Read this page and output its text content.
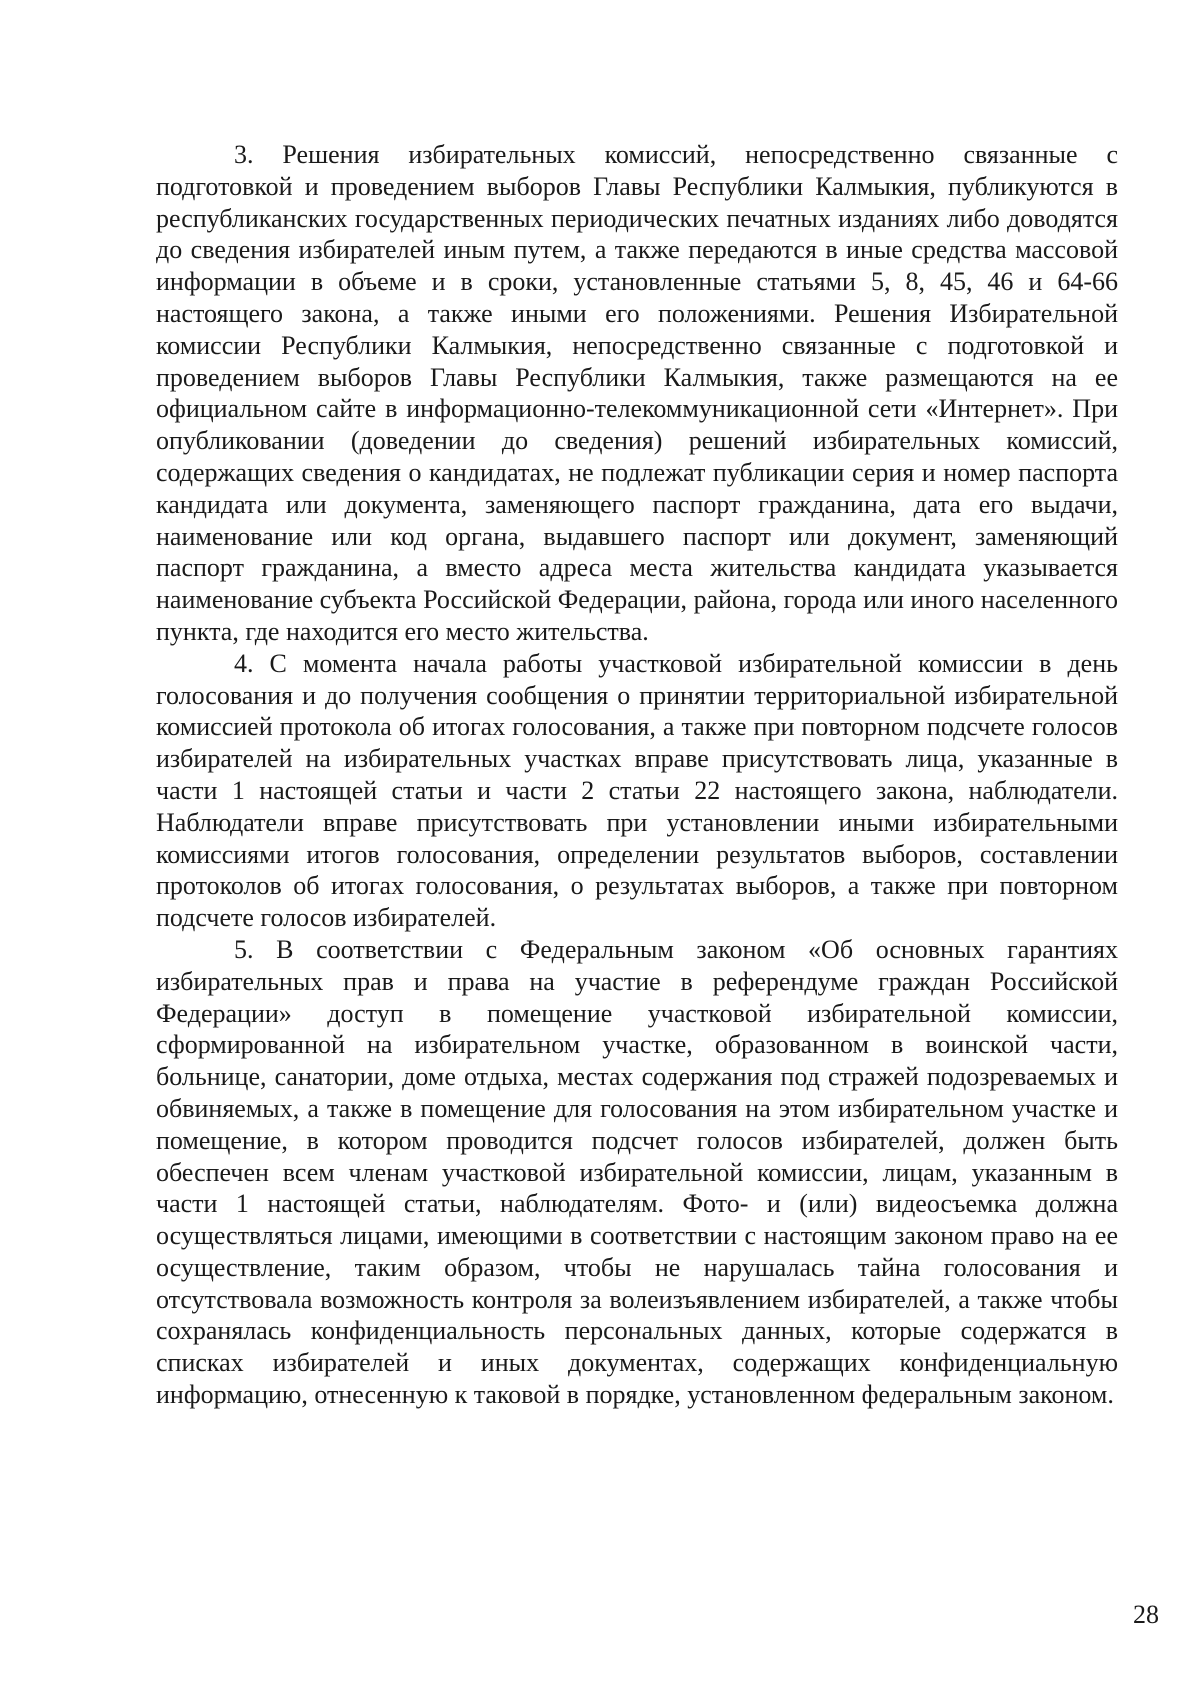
3. Решения избирательных комиссий, непосредственно связанные с подготовкой и проведением выборов Главы Республики Калмыкия, публикуются в республиканских государственных периодических печатных изданиях либо доводятся до сведения избирателей иным путем, а также передаются в иные средства массовой информации в объеме и в сроки, установленные статьями 5, 8, 45, 46 и 64-66 настоящего закона, а также иными его положениями. Решения Избирательной комиссии Республики Калмыкия, непосредственно связанные с подготовкой и проведением выборов Главы Республики Калмыкия, также размещаются на ее официальном сайте в информационно-телекоммуникационной сети «Интернет». При опубликовании (доведении до сведения) решений избирательных комиссий, содержащих сведения о кандидатах, не подлежат публикации серия и номер паспорта кандидата или документа, заменяющего паспорт гражданина, дата его выдачи, наименование или код органа, выдавшего паспорт или документ, заменяющий паспорт гражданина, а вместо адреса места жительства кандидата указывается наименование субъекта Российской Федерации, района, города или иного населенного пункта, где находится его место жительства.

4. С момента начала работы участковой избирательной комиссии в день голосования и до получения сообщения о принятии территориальной избирательной комиссией протокола об итогах голосования, а также при повторном подсчете голосов избирателей на избирательных участках вправе присутствовать лица, указанные в части 1 настоящей статьи и части 2 статьи 22 настоящего закона, наблюдатели. Наблюдатели вправе присутствовать при установлении иными избирательными комиссиями итогов голосования, определении результатов выборов, составлении протоколов об итогах голосования, о результатах выборов, а также при повторном подсчете голосов избирателей.

5. В соответствии с Федеральным законом «Об основных гарантиях избирательных прав и права на участие в референдуме граждан Российской Федерации» доступ в помещение участковой избирательной комиссии, сформированной на избирательном участке, образованном в воинской части, больнице, санатории, доме отдыха, местах содержания под стражей подозреваемых и обвиняемых, а также в помещение для голосования на этом избирательном участке и помещение, в котором проводится подсчет голосов избирателей, должен быть обеспечен всем членам участковой избирательной комиссии, лицам, указанным в части 1 настоящей статьи, наблюдателям. Фото- и (или) видеосъемка должна осуществляться лицами, имеющими в соответствии с настоящим законом право на ее осуществление, таким образом, чтобы не нарушалась тайна голосования и отсутствовала возможность контроля за волеизъявлением избирателей, а также чтобы сохранялась конфиденциальность персональных данных, которые содержатся в списках избирателей и иных документах, содержащих конфиденциальную информацию, отнесенную к таковой в порядке, установленном федеральным законом.

28
